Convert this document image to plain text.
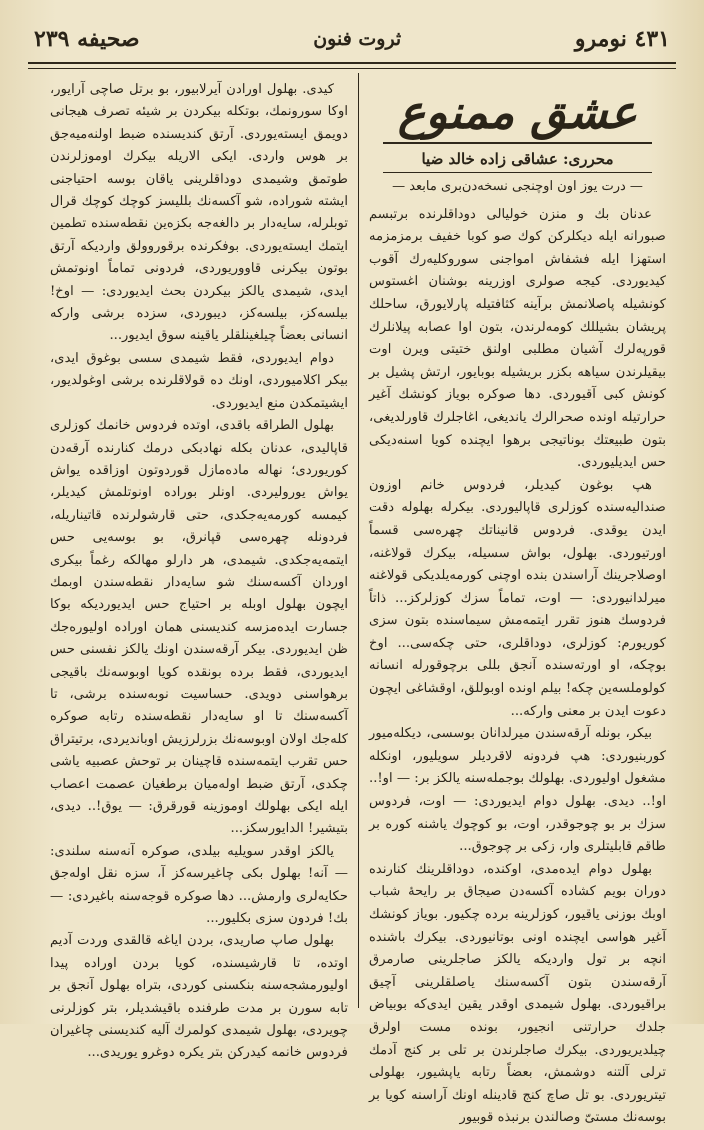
٤٣١ نومرو
ثروت فنون
صحيفه ٢٣٩
عشق ممنوع
محرری: عشاقی زاده خالد ضیا
— درت یوز اون اوچنجی نسخه‌دن‌بری مابعد —

عدنان بك و منزن خولیالی دوداقلرنده برتبسم صبورانه ایله دیکلرکن کوك صو کوبا خفیف برمزمزمه استهزا ایله فشفاش امواجنی سوروکلیه‌رك آقوب کیدیوردی. کیجه صولری اوزرینه بوشنان اغستوس کونشیله پاصلانمش برآینه کثافتیله پارلایورق، ساحلك پریشان بشیللك کومه‌لرندن، بتون اوا عصابه پیلانلرك قورپه‌لرك آشیان مطلبی اولنق ختیتی ویرن اوت بیقیلرندن سیاهه بکزر بریشیله بوبایور، ارتش پشیل بر کونش کبی آقیوردی. دها صوکره بویاز کونشك آغیر حرارتیله اونده صحرالرك یاندیغی، اغاجلرك قاورلدیغی، بتون طبیعتك بوناتیجی برهوا ایچنده کویا اسنه‌دیکی حس ایدیلیوردی.

هپ بوغون کیدیلر، فردوس خانم اوزون صندالیه‌سنده کوزلری قاپالیوردی. بیکرله بهلوله دقت ایدن یوقدی. فردوس قانیناتك چهره‌سی قسماً اورتیوردی. بهلول، بواش سسیله، بیکرك قولاغنه، اوصلاجرینك آراسندن بنده اوچنی کورمه‌یلدیکی قولاغنه میرلدانیوردی: — اوت، تماماً سزك کوزلرکز... ذاتاً فردوسك هنوز تقرر ایتمه‌مش سیماسنده بتون سزی کوریورم: کوزلری، دوداقلری، حتی چکه‌سی... اوخ بوچکه، او اورته‌سنده آنجق بللی برچوقورله انسانه کولوملسه‌ین چکه! بیلم اونده اوبوللق، اوقشاغی ایچون دعوت ایدن بر معنی وارکه...

بیکر، بونله آرقه‌سندن میرلدانان بوسسی، دیکله‌میور کوربنیوردی: هپ فردونه لاقردیلر سویلیور، اونکله مشغول اولیوردی. بهلولك بوجمله‌سنه یالکز بر: — او!.. او!.. دیدی. بهلول دوام ایدیوردی: — اوت، فردوس سزك بر بو چوجوقدر، اوت، بو کوچوك یاشنه کوره بر طاقم قابلیتلری وار، زکی بر چوجوق...

بهلول دوام ایده‌مدی، اوکنده، دوداقلرینك کنارنده دوران بویم کشاده آکسه‌دن صیجاق بر رایحهٔ شباب اوبك بوزنی یاقیور، کوزلرینه برده چکیور. بویاز کونشك آغیر هواسی ایچنده اونی بوتانیوردی. بیکرك باشنده انچه بر تول واردیکه یالکز صاجلرینی صارمرق آرقه‌سندن بتون آکسه‌سنك یاصلقلرینی آچیق براقیوردی. بهلول شیمدی اوقدر یقین ایدی‌که بوبیاض جلدك حرارتنی انجیور، بونده مست اولرق چیلدیریوردی. بیکرك صاجلرندن بر تلی بر کنج آدمك ترلی آلتنه دوشمش، بعضاً رتابه یاپشیور، بهلولی تیتریوردی. بو تل صاچ کنج قادینله اونك آراسنه کویا بر بوسه‌نك مستیّ وصالندن برنبذه قوبیور

کیدی. بهلول اورادن آیرلابیور، بو برتل صاچی آرایور، اوکا سورونمك، بوتکله بیکردن بر شیئه تصرف هیجانی دویمق ایسته‌یوردی. آرتق کندیسنده ضبط اولنه‌میه‌جق بر هوس واردی. ایکی الاریله بیکرك اوموزلرندن طوتمق وشیمدی دوداقلرینی یاقان بوسه احتیاجنی ایشته شوراده، شو آکسه‌نك بللیسز کوچك کوچك قرال توبلرله، سایه‌دار بر دالغه‌جه بکزه‌ین نقطه‌سنده تطمین ایتمك ایسته‌یوردی. بوفکرنده برقوروولق واردیکه آرتق بوتون بیکرنی قاووریوردی، فردونی تماماً اونوتمش ایدی، شیمدی یالکز بیکردن بحث ایدیوردی: — اوخ! بیلسه‌کز، بیلسه‌کز، دیبوردی، سزده برشی وارکه انسانی بعضاً چیلغینلقلر یاقینه سوق ایدیور...

دوام ایدیوردی، فقط شیمدی سسی بوغوق ایدی، بیکر اکلامیوردی، اونك ده قولاقلرنده برشی اوغولدیور، ایشیتمکدن منع ایدیوردی.

بهلول الطراقه باقدی، اوتده فردوس خانمك کوزلری قاپالیدی، عدنان بکله نهادبکی درمك کنارنده آرقه‌دن کوریوردی؛ نهاله ماده‌مازل قوردوتون اوزاقده یواش یواش یورولیردی. اونلر بوراده اونوتلمش کیدیلر، کیمسه کورمه‌یه‌جکدی، حتی قارشولرنده قاتیناریله، فردونله چهره‌سی قپانرق، بو بوسه‌یی حس ایتمه‌یه‌جکدی. شیمدی، هر دارلو مهالکه رغماً بیکری اوردان آکسه‌سنك شو سایه‌دار نقطه‌سندن اوبمك ایچون بهلول اوبله بر احتیاج حس ایدیوردیکه بوکا جسارت ایده‌مزسه کندیسنی همان اوراده اوليوره‌جك ظن ایدیوردی. بیکر آرقه‌سندن اونك یالکز نفسنی حس ایدیوردی، فقط برده بونقده کویا اوبوسه‌نك باقیجی برهواسنی دویدی. حساسیت نوبه‌سنده برشی، تا آکسه‌سنك تا او سایه‌دار نقطه‌سنده رتابه صوکره کله‌جك اولان اوبوسه‌نك بزرلرزیش اوباندیردی، برتیتراق حس تقرب ایتمه‌سنده قاچینان بر توحش عصبیه یاشی چکدی، آرتق ضبط اوله‌میان برطغیان عصمت اعصاب ایله ایکی بهلولك اوموزینه قورقرق: — یوق!.. دیدی، بتیشیر! الدایورسکز...

یالکز اوقدر سویلیه بیلدی، صوکره آنه‌سنه سلندی: — آنه! بهلول بکی چاغیرسه‌کز آ، سزه نقل اوله‌جق حکایه‌لری وارمش... دها صوکره قوجه‌سنه باغیردی: — بك! فردون سزی بکلیور...

بهلول صاپ صاریدی، بردن ایاغه قالقدی وردت آدیم اوتده، تا قارشیسنده، کویا بردن اوراده پیدا اولیورمشجه‌سنه بنکسنی کوردی، بتراه بهلول آنجق بر تابه سورن بر مدت طرفنده باقیشدیلر، بتر کوزلرنی چویردی، بهلول شیمدی کولمرك آلیه کندیسنی چاغیران فردوس خانمه کیدرکن بتر یکره دوغرو یوریدی...
